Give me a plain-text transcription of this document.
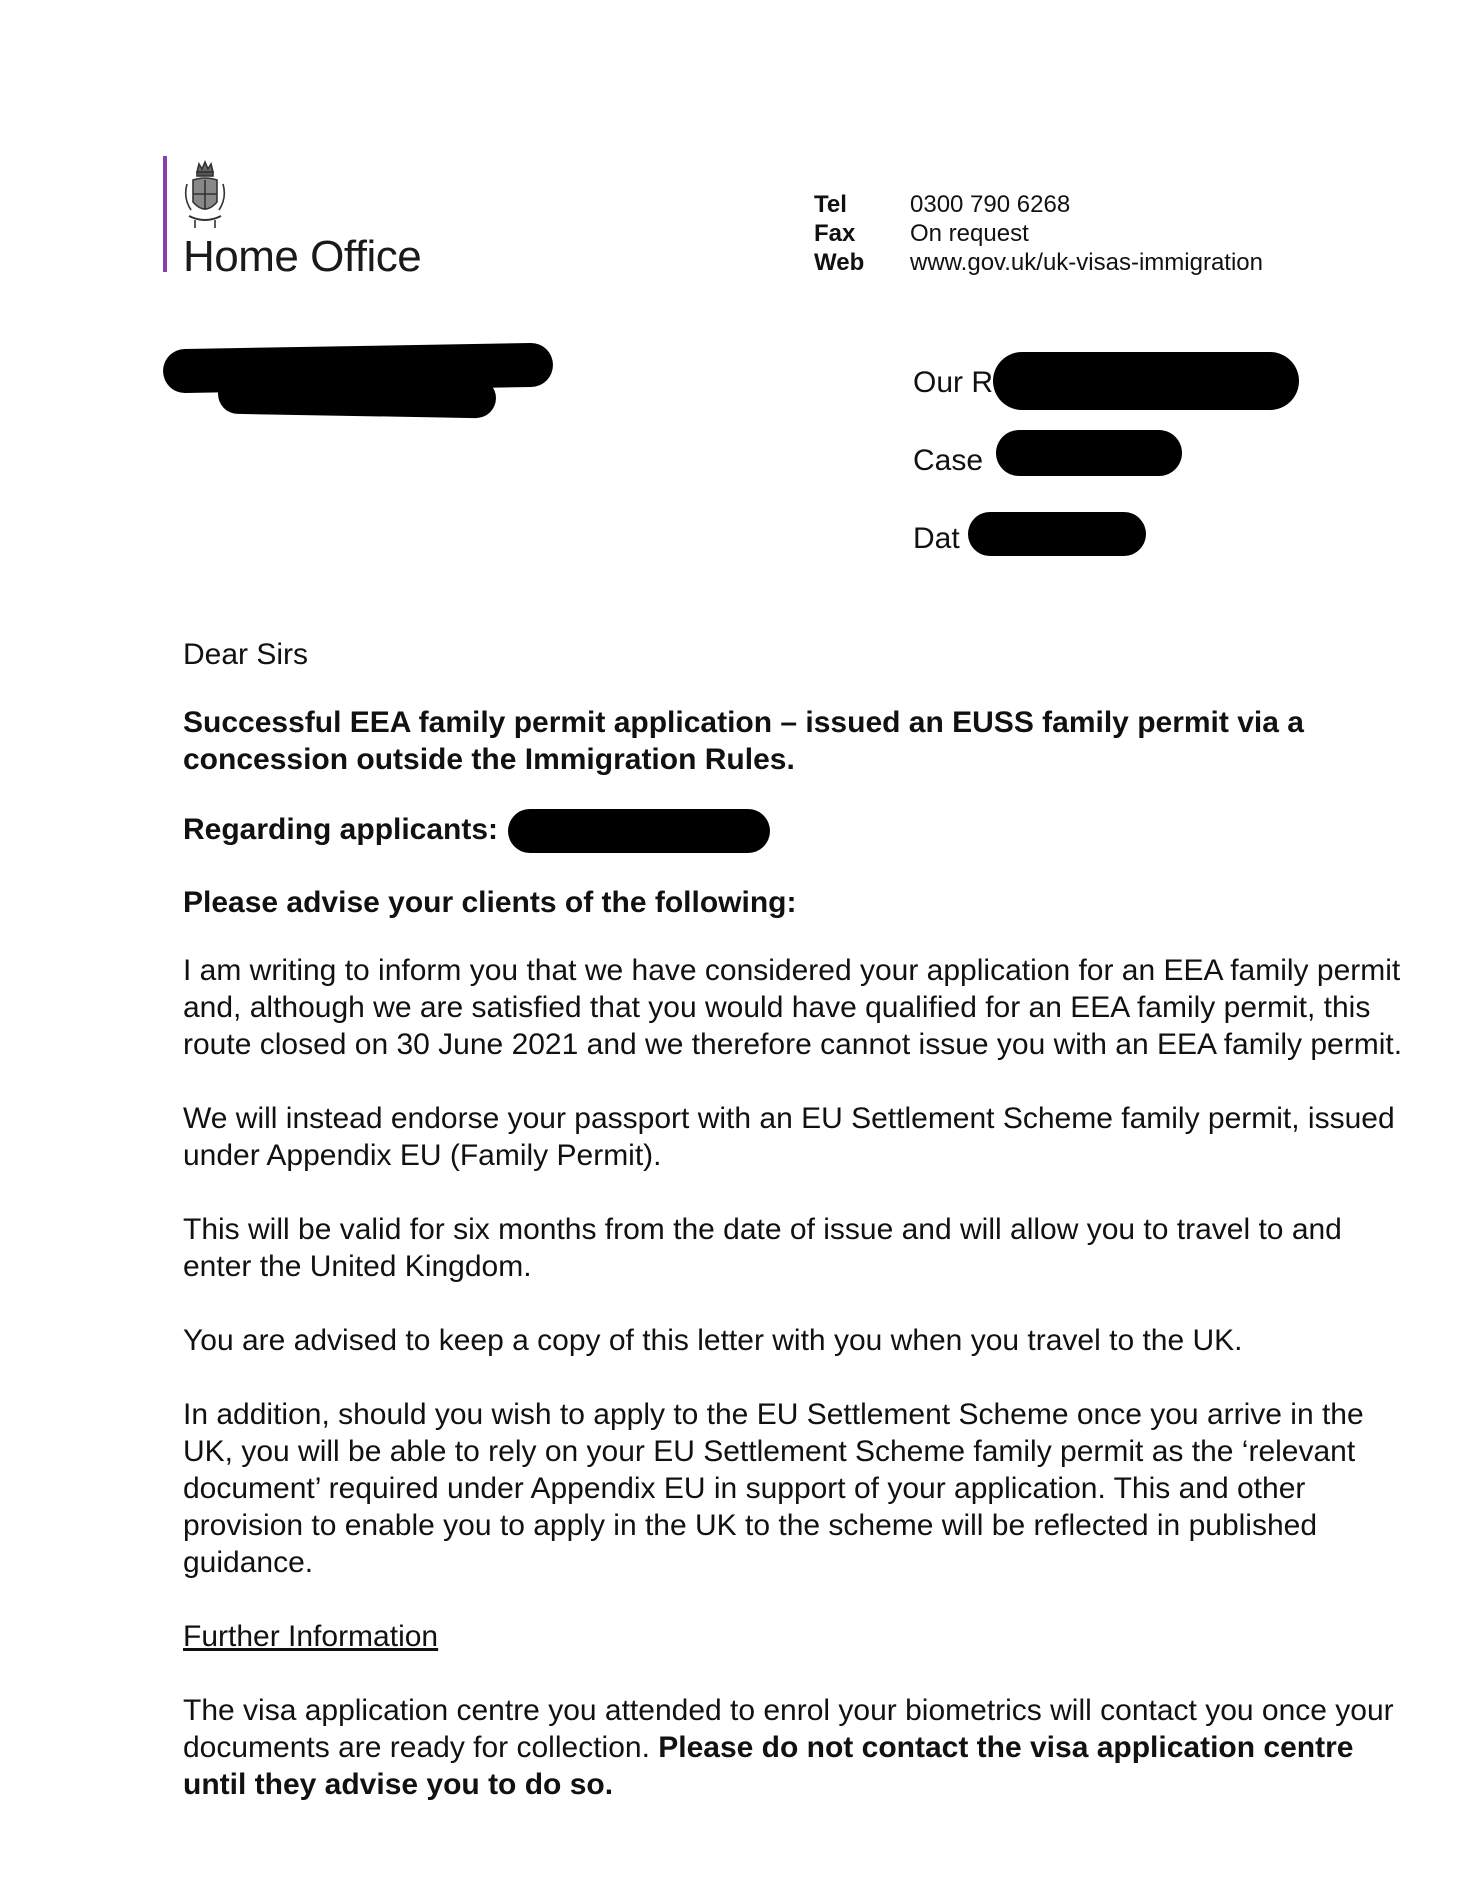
Home Office
Tel	0300 790 6268
Fax	On request
Web	www.gov.uk/uk-visas-immigration
Our R
Case
Dat

Dear Sirs

Successful EEA family permit application – issued an EUSS family permit via a concession outside the Immigration Rules.

Regarding applicants:

Please advise your clients of the following:

I am writing to inform you that we have considered your application for an EEA family permit and, although we are satisfied that you would have qualified for an EEA family permit, this route closed on 30 June 2021 and we therefore cannot issue you with an EEA family permit.

We will instead endorse your passport with an EU Settlement Scheme family permit, issued under Appendix EU (Family Permit).

This will be valid for six months from the date of issue and will allow you to travel to and enter the United Kingdom.

You are advised to keep a copy of this letter with you when you travel to the UK.

In addition, should you wish to apply to the EU Settlement Scheme once you arrive in the UK, you will be able to rely on your EU Settlement Scheme family permit as the ‘relevant document’ required under Appendix EU in support of your application. This and other provision to enable you to apply in the UK to the scheme will be reflected in published guidance.

Further Information

The visa application centre you attended to enrol your biometrics will contact you once your documents are ready for collection. Please do not contact the visa application centre until they advise you to do so.
